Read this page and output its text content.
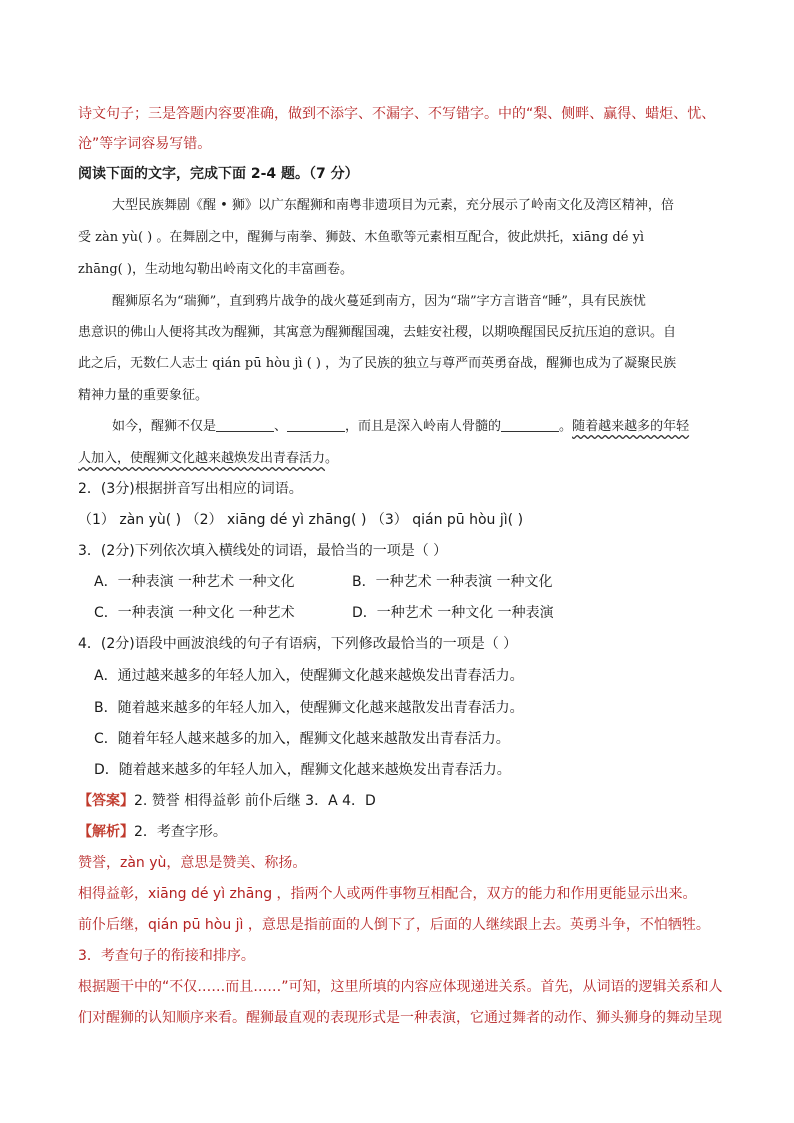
诗文句子；三是答题内容要准确，做到不添字、不漏字、不写错字。中的“梨、侧畔、赢得、蜡炬、忧、
沧”等字词容易写错。
阅读下面的文字，完成下面 2-4 题。（7 分）
大型民族舞剧《醒 • 狮》以广东醒狮和南粤非遗项目为元素，充分展示了岭南文化及湾区精神，倍
受 zàn yù( ) 。在舞剧之中，醒狮与南拳、狮鼓、木鱼歌等元素相互配合，彼此烘托，xiāng dé yì
zhāng( )，生动地勾勒出岭南文化的丰富画卷。
醒狮原名为“瑞狮”，直到鸦片战争的战火蔓延到南方，因为“瑞”字方言谐音“睡”，具有民族忧
患意识的佛山人便将其改为醒狮，其寓意为醒狮醒国魂，去蛙安社稷，以期唤醒国民反抗压迫的意识。自
此之后，无数仁人志士 qián pū hòu jì ( ) ，为了民族的独立与尊严而英勇奋战，醒狮也成为了凝聚民族
精神力量的重要象征。
如今，醒狮不仅是	、	，而且是深入岭南人骨髓的	。随着越来越多的年轻
人加入，使醒狮文化越来越焕发出青春活力。
2．(3分)根据拼音写出相应的词语。
（1） zàn yù( ) （2） xiāng dé yì zhāng( ) （3） qián pū hòu jì( )
3．(2分)下列依次填入横线处的词语，最恰当的一项是（ ）
A．一种表演 一种艺术 一种文化	B．一种艺术 一种表演 一种文化
C．一种表演 一种文化 一种艺术	D．一种艺术 一种文化 一种表演
4．(2分)语段中画波浪线的句子有语病，下列修改最恰当的一项是（ ）
A．通过越来越多的年轻人加入，使醒狮文化越来越焕发出青春活力。
B．随着越来越多的年轻人加入，使醒狮文化越来越散发出青春活力。
C．随着年轻人越来越多的加入，醒狮文化越来越散发出青春活力。
D．随着越来越多的年轻人加入，醒狮文化越来越焕发出青春活力。
【答案】2. 赞誉 相得益彰 前仆后继 3．A 4．D
【解析】2．考查字形。
赞誉，zàn yù，意思是赞美、称扬。
相得益彰，xiāng dé yì zhāng ，指两个人或两件事物互相配合，双方的能力和作用更能显示出来。
前仆后继，qián pū hòu jì ，意思是指前面的人倒下了，后面的人继续跟上去。英勇斗争，不怕牺牲。
3．考查句子的衔接和排序。
根据题干中的“不仅……而且……”可知，这里所填的内容应体现递进关系。首先，从词语的逻辑关系和人
们对醒狮的认知顺序来看。醒狮最直观的表现形式是一种表演，它通过舞者的动作、狮头狮身的舞动呈现
